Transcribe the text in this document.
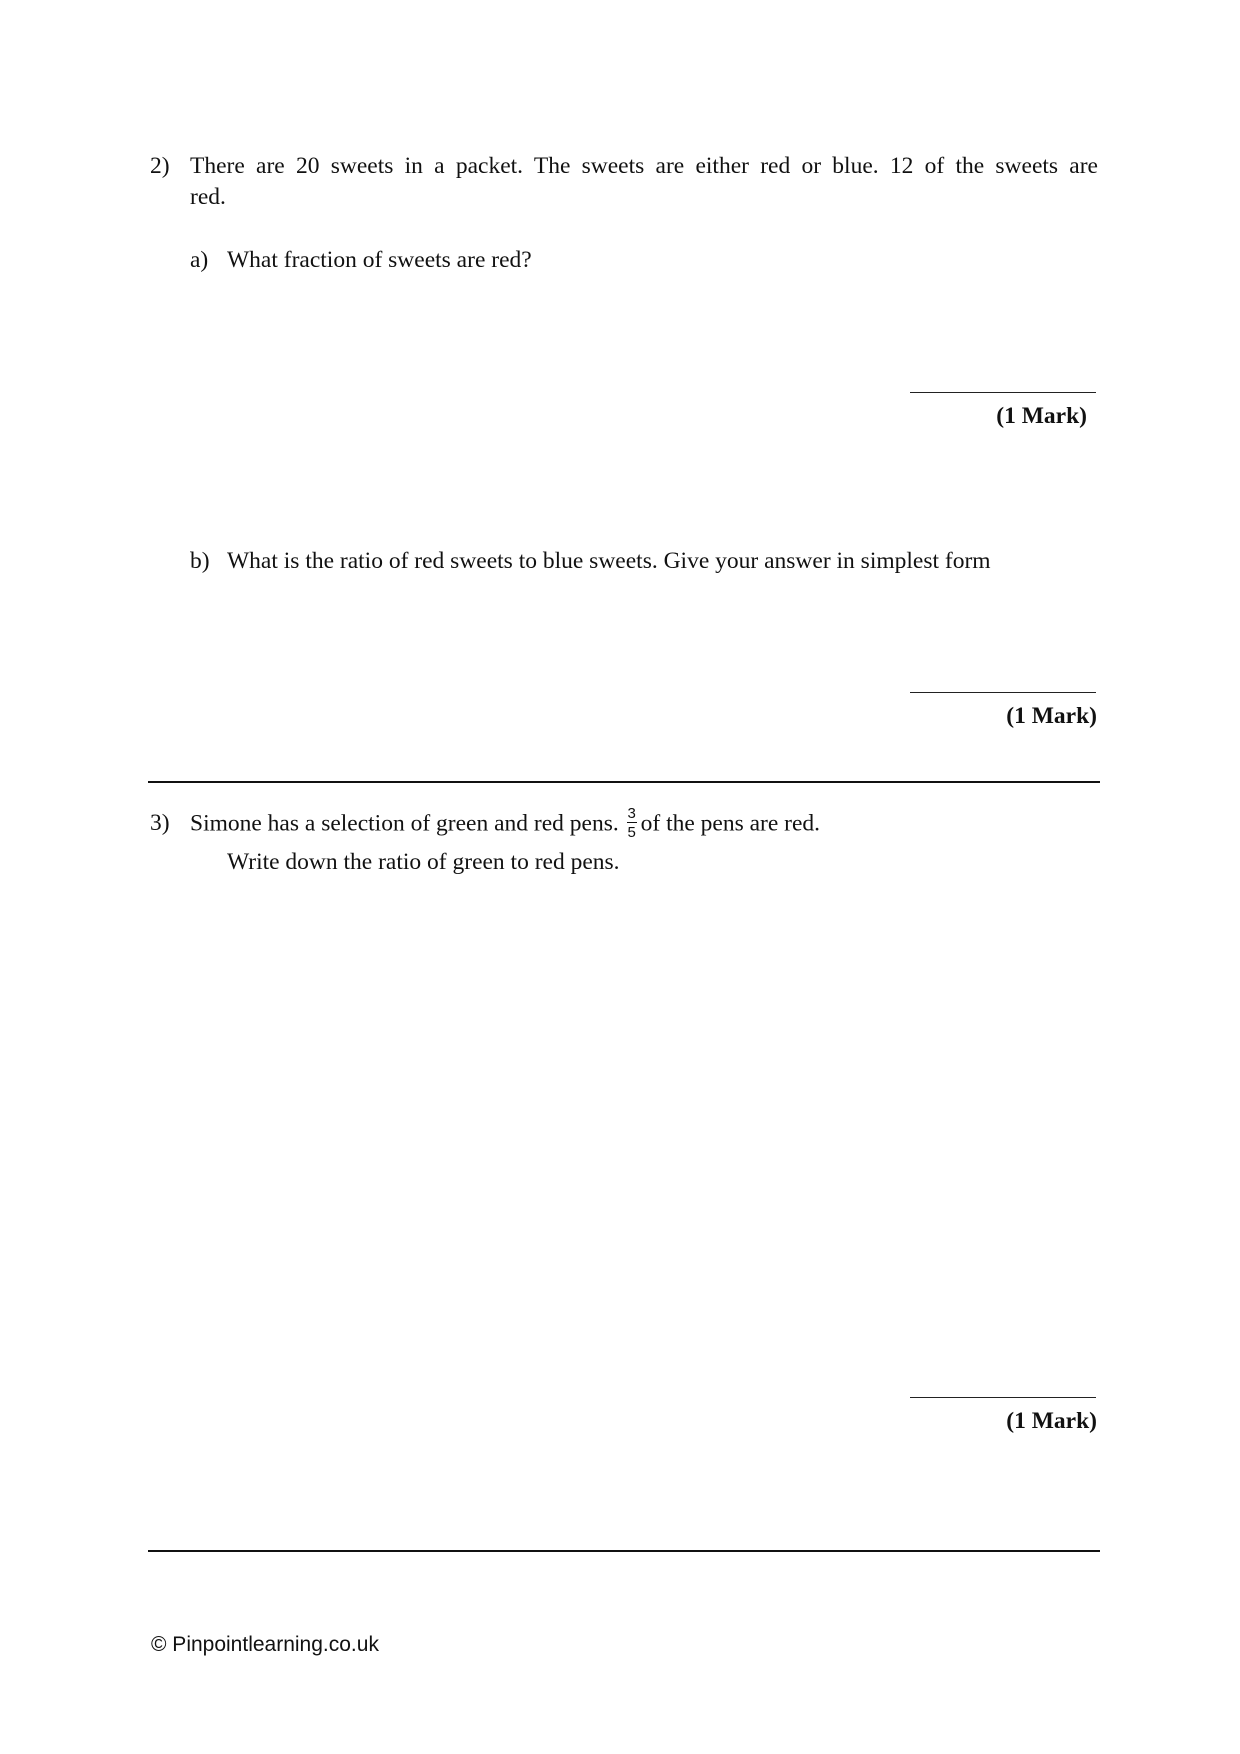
2) There are 20 sweets in a packet. The sweets are either red or blue. 12 of the sweets are
red.
a) What fraction of sweets are red?
(1 Mark)
b) What is the ratio of red sweets to blue sweets. Give your answer in simplest form
(1 Mark)
3) Simone has a selection of green and red pens. $\frac{3}{5}$ of the pens are red.
Write down the ratio of green to red pens.
(1 Mark)
© Pinpointlearning.co.uk
